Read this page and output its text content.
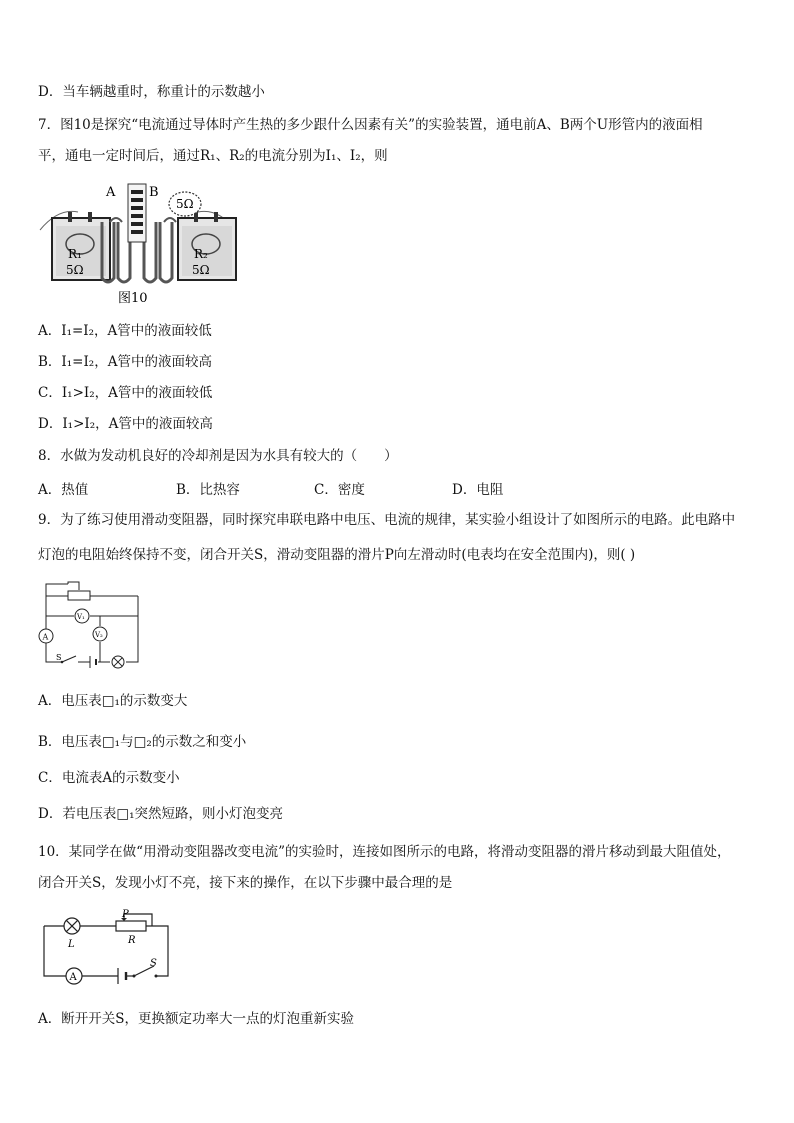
D．当车辆越重时，称重计的示数越小
7．图10是探究“电流通过导体时产生热的多少跟什么因素有关”的实验装置，通电前A、B两个U形管内的液面相
平，通电一定时间后，通过R₁、R₂的电流分别为I₁、I₂，则
A	B
5Ω
R₁
5Ω
R₂
5Ω
图10
A．I₁=I₂，A管中的液面较低
B．I₁=I₂，A管中的液面较高
C．I₁>I₂，A管中的液面较低
D．I₁>I₂，A管中的液面较高
8．水做为发动机良好的冷却剂是因为水具有较大的（　　）
A．热值	B．比热容	C．密度	D．电阻
9．为了练习使用滑动变阻器，同时探究串联电路中电压、电流的规律，某实验小组设计了如图所示的电路。此电路中
灯泡的电阻始终保持不变，闭合开关S，滑动变阻器的滑片P向左滑动时(电表均在安全范围内)，则( )
A
V₁
V₂
S
A．电压表□₁的示数变大
B．电压表□₁与□₂的示数之和变小
C．电流表A的示数变小
D．若电压表□₁突然短路，则小灯泡变亮
10．某同学在做“用滑动变阻器改变电流”的实验时，连接如图所示的电路，将滑动变阻器的滑片移动到最大阻值处，
闭合开关S，发现小灯不亮，接下来的操作，在以下步骤中最合理的是
A
P
R
L
S
A．断开开关S，更换额定功率大一点的灯泡重新实验
